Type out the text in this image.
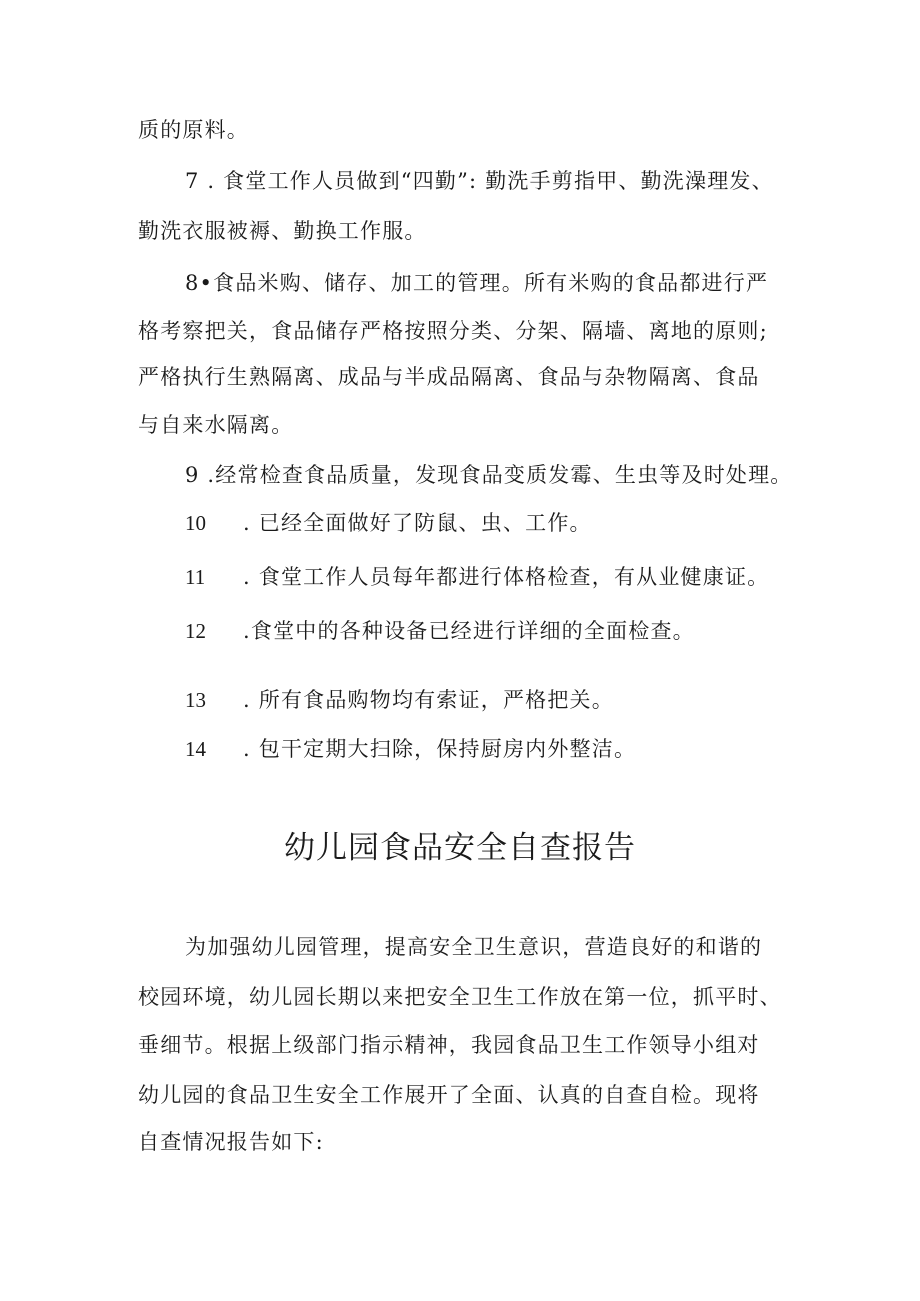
质的原料。
7 . 食堂工作人员做到“四勤”: 勤洗手剪指甲、勤洗澡理发、
勤洗衣服被褥、勤换工作服。
8•食品米购、储存、加工的管理。所有米购的食品都进行严
格考察把关，食品储存严格按照分类、分架、隔墙、离地的原则;
严格执行生熟隔离、成品与半成品隔离、食品与杂物隔离、食品
与自来水隔离。
9 .经常检查食品质量，发现食品变质发霉、生虫等及时处理。
10 . 已经全面做好了防鼠、虫、工作。
11 . 食堂工作人员每年都进行体格检查，有从业健康证。
12 .食堂中的各种设备已经进行详细的全面检查。
13 . 所有食品购物均有索证，严格把关。
14 . 包干定期大扫除，保持厨房内外整洁。
幼儿园食品安全自查报告
为加强幼儿园管理，提高安全卫生意识，营造良好的和谐的
校园环境，幼儿园长期以来把安全卫生工作放在第一位，抓平时、
垂细节。根据上级部门指示精神，我园食品卫生工作领导小组对
幼儿园的食品卫生安全工作展开了全面、认真的自查自检。现将
自查情况报告如下:
